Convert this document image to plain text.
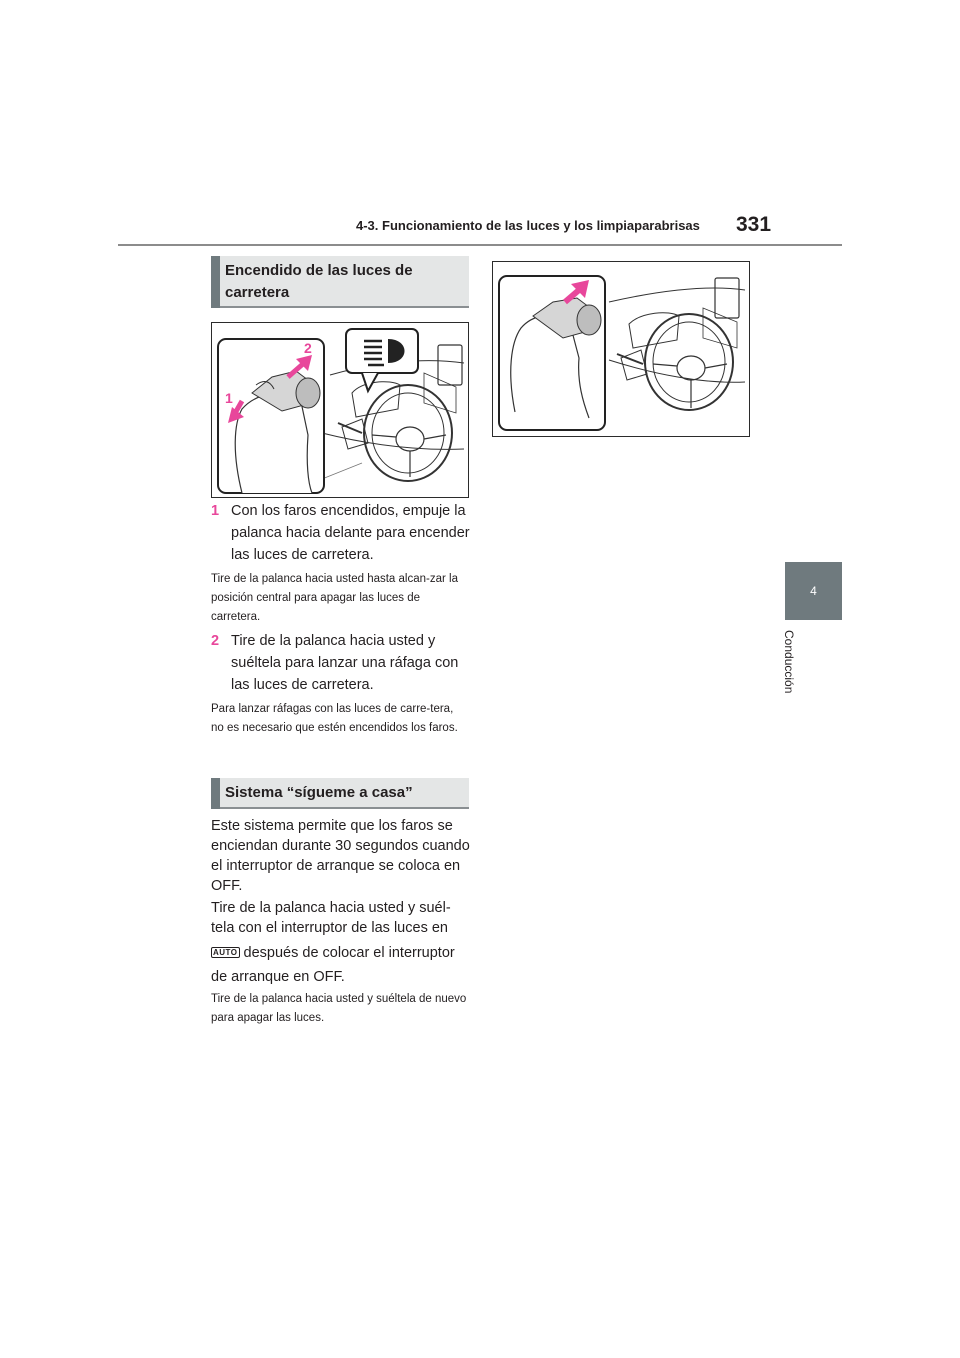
4-3. Funcionamiento de las luces y los limpiaparabrisas 331
4
Conducción
Encendido de las luces de
carretera
1
2
1 Con los faros encendidos, empuje la palanca hacia delante para encender las luces de carretera.
Tire de la palanca hacia usted hasta alcan-zar la posición central para apagar las luces de carretera.
2 Tire de la palanca hacia usted y suéltela para lanzar una ráfaga con las luces de carretera.
Para lanzar ráfagas con las luces de carre-tera, no es necesario que estén encendidos los faros.
Sistema “sígueme a casa”
Este sistema permite que los faros se enciendan durante 30 segundos cuando el interruptor de arranque se coloca en OFF.
Tire de la palanca hacia usted y suél-tela con el interruptor de las luces en
AUTO después de colocar el interruptor de arranque en OFF.
Tire de la palanca hacia usted y suéltela de nuevo para apagar las luces.
